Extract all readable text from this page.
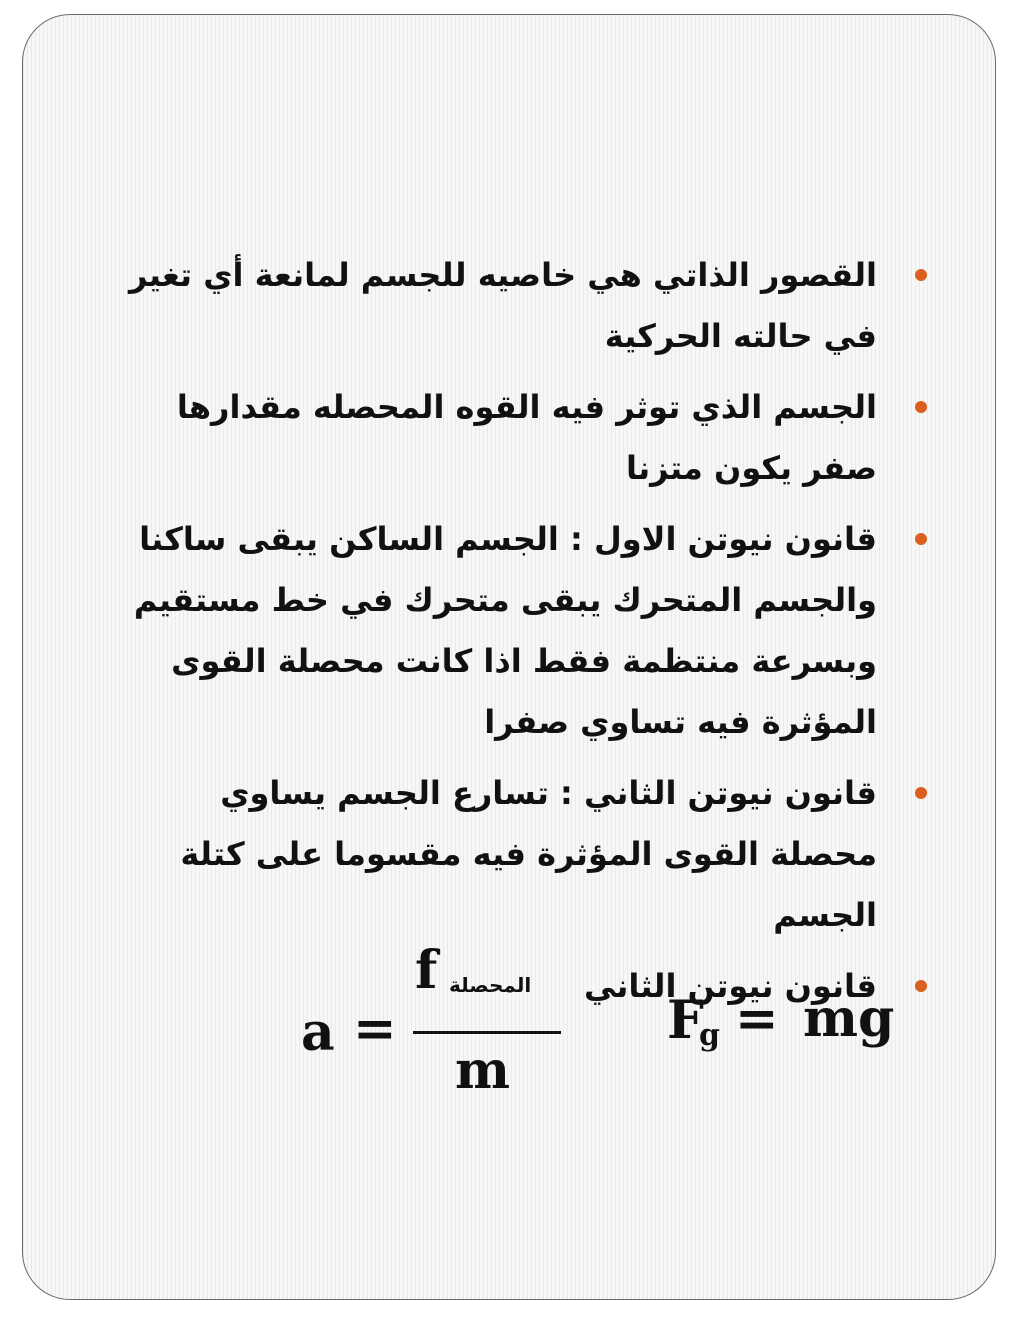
القصور الذاتي هي خاصيه للجسم لمانعة أي تغير في حالته الحركية
الجسم الذي توثر فيه القوه المحصله مقدارها صفر يكون متزنا
قانون نيوتن الاول : الجسم الساكن يبقى ساكنا والجسم المتحرك يبقى متحرك في خط مستقيم وبسرعة منتظمة فقط اذا كانت محصلة القوى المؤثرة فيه تساوي صفرا
قانون نيوتن الثاني : تسارع الجسم يساوي محصلة القوى المؤثرة فيه مقسوما على كتلة الجسم
قانون نيوتن الثاني
a =
f المحصلة
m
F
g = mg
